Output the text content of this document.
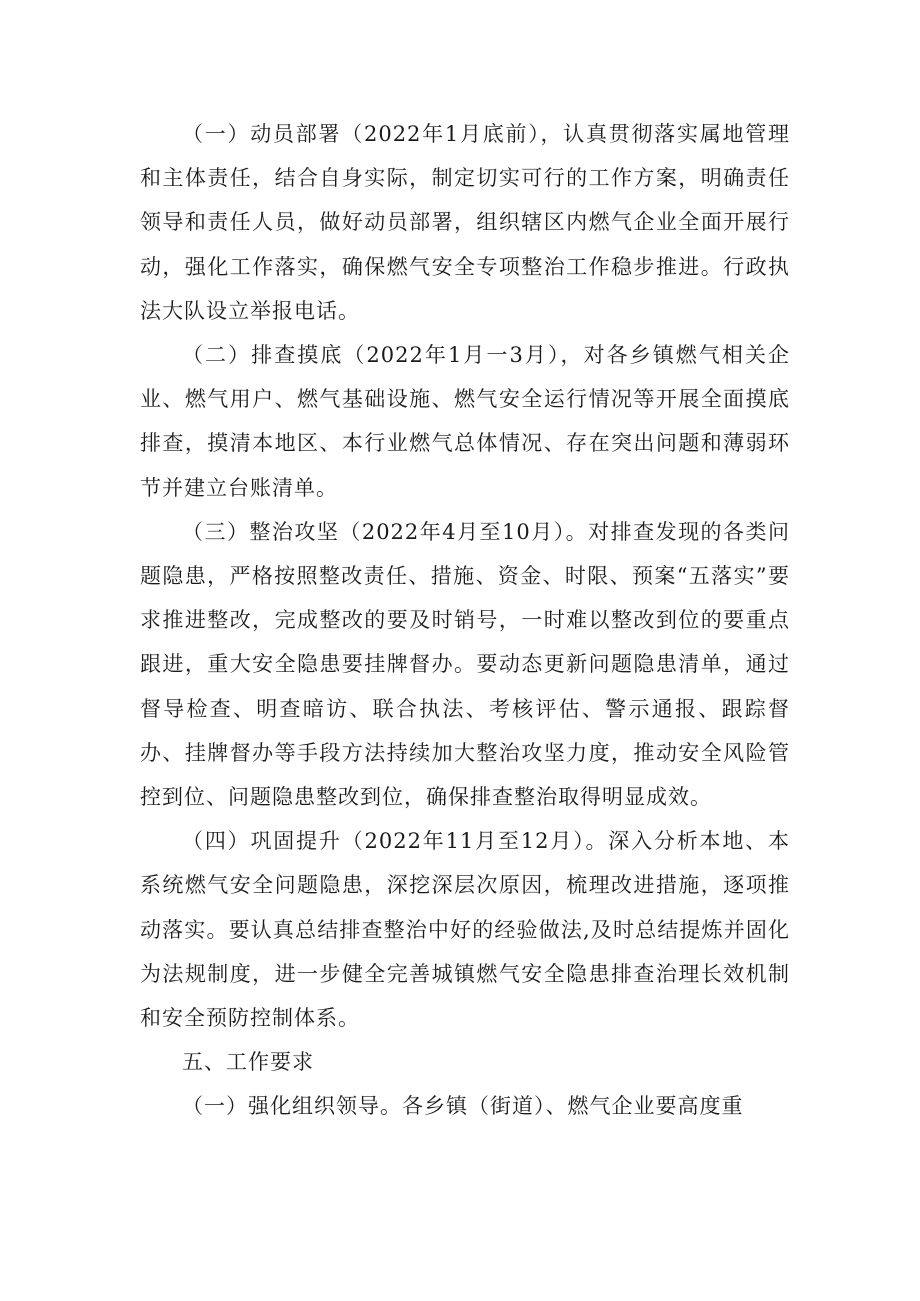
（一）动员部署（2022年1月底前），认真贯彻落实属地管理和主体责任，结合自身实际，制定切实可行的工作方案，明确责任领导和责任人员，做好动员部署，组织辖区内燃气企业全面开展行动，强化工作落实，确保燃气安全专项整治工作稳步推进。行政执法大队设立举报电话。

（二）排查摸底（2022年1月一3月），对各乡镇燃气相关企业、燃气用户、燃气基础设施、燃气安全运行情况等开展全面摸底排查，摸清本地区、本行业燃气总体情况、存在突出问题和薄弱环节并建立台账清单。

（三）整治攻坚（2022年4月至10月）。对排查发现的各类问题隐患，严格按照整改责任、措施、资金、时限、预案“五落实”要求推进整改，完成整改的要及时销号，一时难以整改到位的要重点跟进，重大安全隐患要挂牌督办。要动态更新问题隐患清单，通过督导检查、明查暗访、联合执法、考核评估、警示通报、跟踪督办、挂牌督办等手段方法持续加大整治攻坚力度，推动安全风险管控到位、问题隐患整改到位，确保排查整治取得明显成效。

（四）巩固提升（2022年11月至12月）。深入分析本地、本系统燃气安全问题隐患，深挖深层次原因，梳理改进措施，逐项推动落实。要认真总结排查整治中好的经验做法,及时总结提炼并固化为法规制度，进一步健全完善城镇燃气安全隐患排查治理长效机制和安全预防控制体系。

五、工作要求

（一）强化组织领导。各乡镇（街道）、燃气企业要高度重
